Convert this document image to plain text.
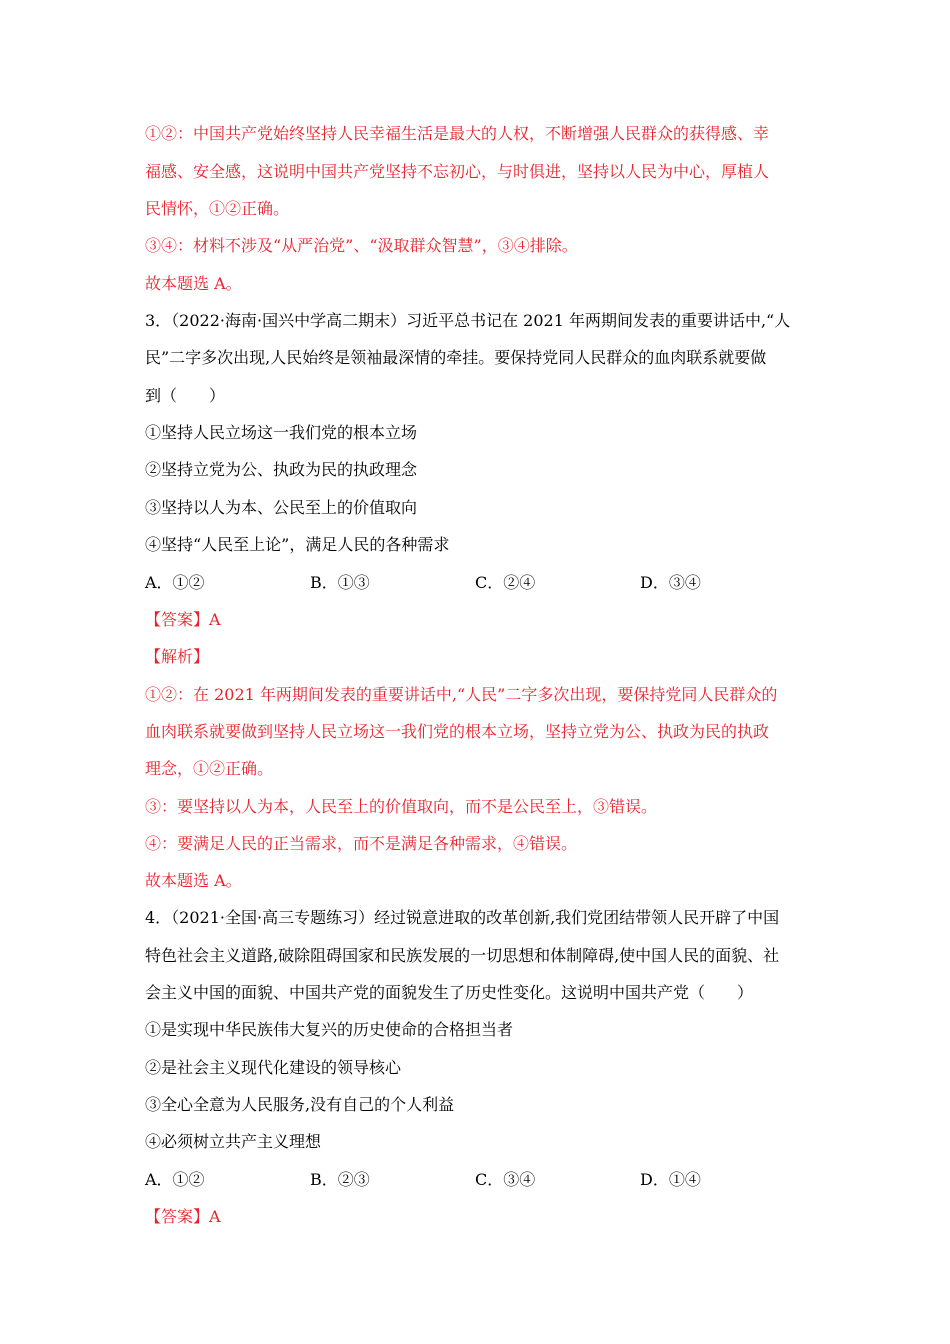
①②：中国共产党始终坚持人民幸福生活是最大的人权，不断增强人民群众的获得感、幸
福感、安全感，这说明中国共产党坚持不忘初心，与时俱进，坚持以人民为中心，厚植人
民情怀，①②正确。
③④：材料不涉及“从严治党”、“汲取群众智慧”，③④排除。
故本题选 A。
3．（2022·海南·国兴中学高二期末）习近平总书记在 2021 年两期间发表的重要讲话中,“人
民”二字多次出现,人民始终是领袖最深情的牵挂。要保持党同人民群众的血肉联系就要做
到（　　）
①坚持人民立场这一我们党的根本立场
②坚持立党为公、执政为民的执政理念
③坚持以人为本、公民至上的价值取向
④坚持“人民至上论”，满足人民的各种需求
A．①②	B．①③	C．②④	D．③④
【答案】A
【解析】
①②：在 2021 年两期间发表的重要讲话中,“人民”二字多次出现，要保持党同人民群众的
血肉联系就要做到坚持人民立场这一我们党的根本立场，坚持立党为公、执政为民的执政
理念，①②正确。
③：要坚持以人为本，人民至上的价值取向，而不是公民至上，③错误。
④：要满足人民的正当需求，而不是满足各种需求，④错误。
故本题选 A。
4．（2021·全国·高三专题练习）经过锐意进取的改革创新,我们党团结带领人民开辟了中国
特色社会主义道路,破除阻碍国家和民族发展的一切思想和体制障碍,使中国人民的面貌、社
会主义中国的面貌、中国共产党的面貌发生了历史性变化。这说明中国共产党（　　）
①是实现中华民族伟大复兴的历史使命的合格担当者
②是社会主义现代化建设的领导核心
③全心全意为人民服务,没有自己的个人利益
④必须树立共产主义理想
A．①②	B．②③	C．③④	D．①④
【答案】A
